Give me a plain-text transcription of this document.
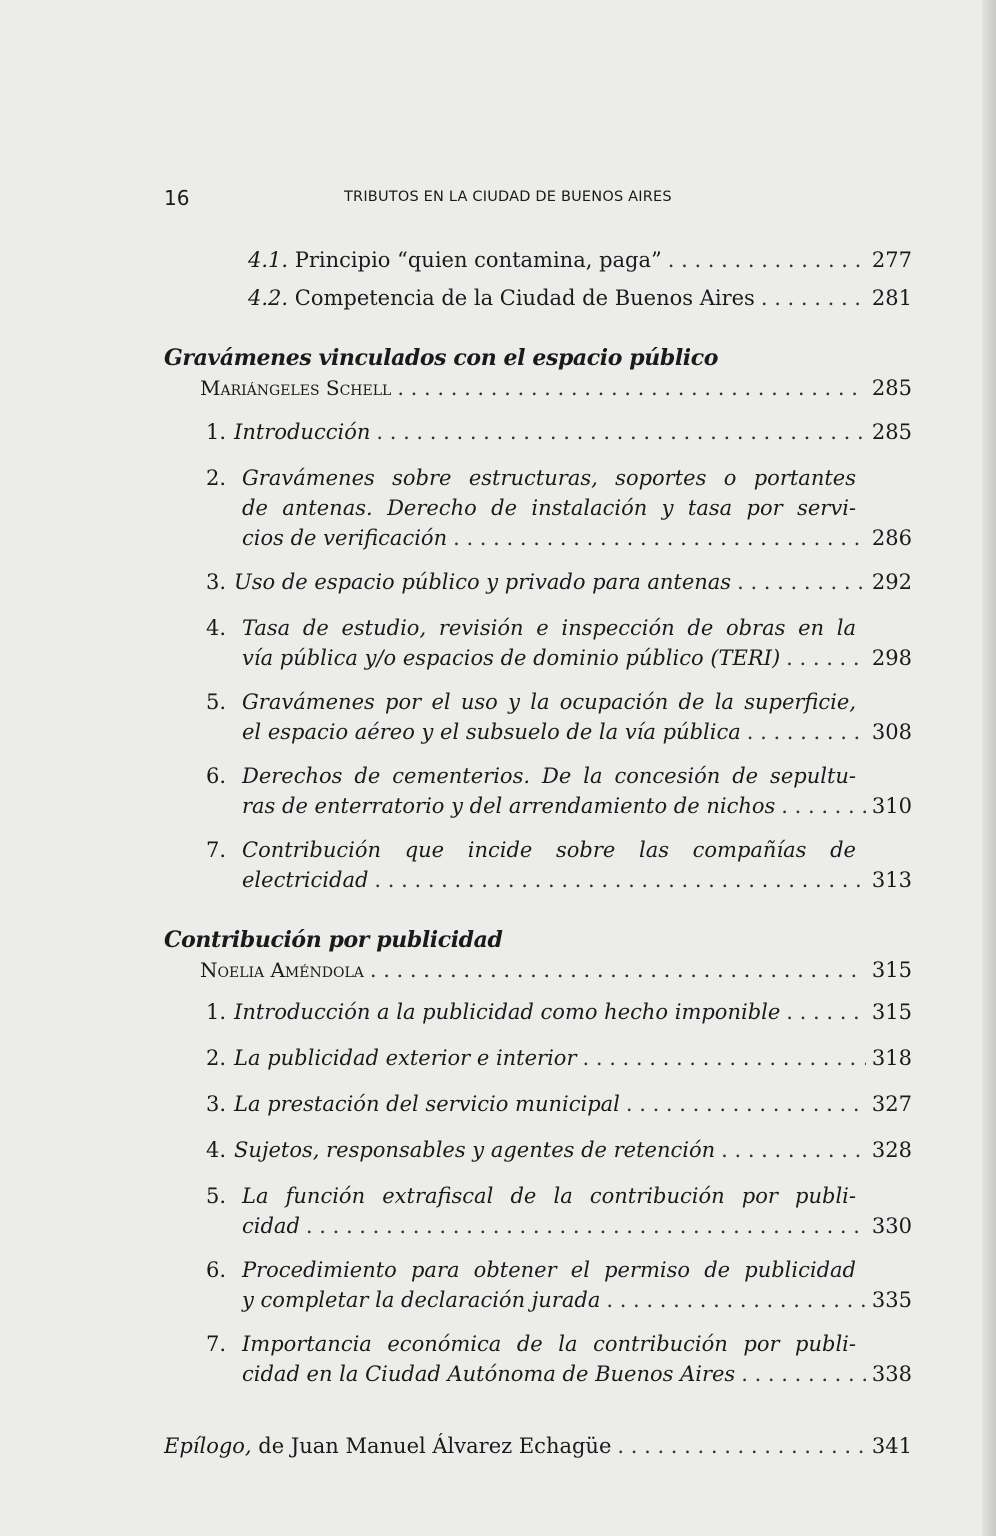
16	TRIBUTOS EN LA CIUDAD DE BUENOS AIRES
4.1. Principio “quien contamina, paga” . . .	277
4.2. Competencia de la Ciudad de Buenos Aires . . .	281
Gravámenes vinculados con el espacio público
Mariángeles Schell . . .	285
1. Introducción . . .	285
2. Gravámenes sobre estructuras, soportes o portantes
de antenas. Derecho de instalación y tasa por servi-
cios de verificación . . .	286
3. Uso de espacio público y privado para antenas . . .	292
4. Tasa de estudio, revisión e inspección de obras en la
vía pública y/o espacios de dominio público (TERI) . . .	298
5. Gravámenes por el uso y la ocupación de la superficie,
el espacio aéreo y el subsuelo de la vía pública . . .	308
6. Derechos de cementerios. De la concesión de sepultu-
ras de enterratorio y del arrendamiento de nichos . . .	310
7. Contribución que incide sobre las compañías de
electricidad . . .	313
Contribución por publicidad
Noelia Améndola . . .	315
1. Introducción a la publicidad como hecho imponible . . .	315
2. La publicidad exterior e interior . . .	318
3. La prestación del servicio municipal . . .	327
4. Sujetos, responsables y agentes de retención . . .	328
5. La función extrafiscal de la contribución por publi-
cidad . . .	330
6. Procedimiento para obtener el permiso de publicidad
y completar la declaración jurada . . .	335
7. Importancia económica de la contribución por publi-
cidad en la Ciudad Autónoma de Buenos Aires . . .	338
Epílogo, de Juan Manuel Álvarez Echagüe . . .	341
